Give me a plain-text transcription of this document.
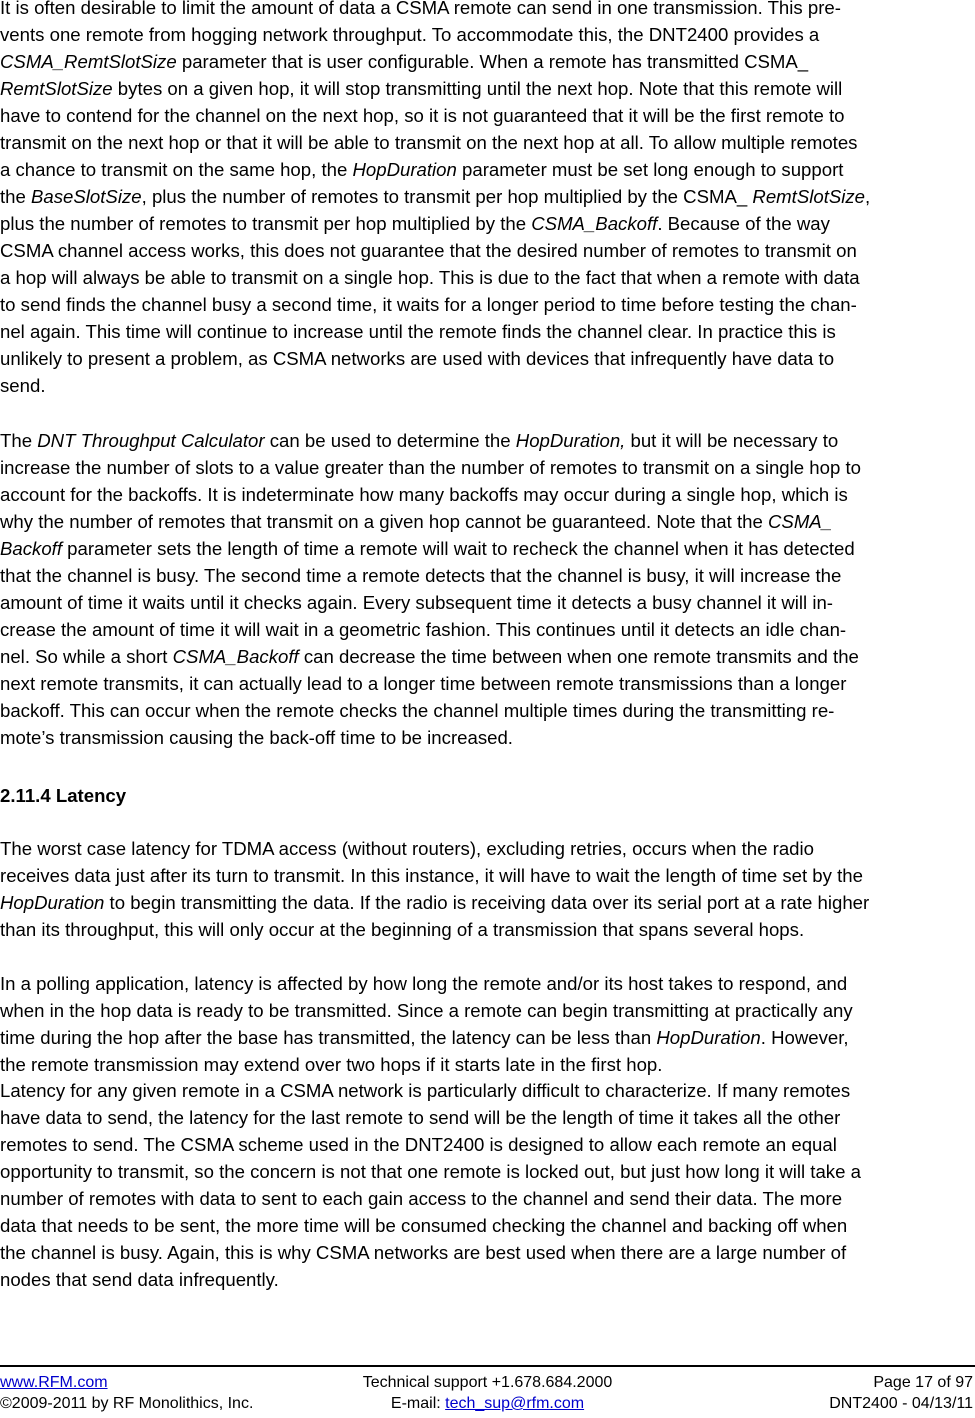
It is often desirable to limit the amount of data a CSMA remote can send in one transmission. This pre-
vents one remote from hogging network throughput. To accommodate this, the DNT2400 provides a
CSMA_RemtSlotSize parameter that is user configurable. When a remote has transmitted CSMA_
RemtSlotSize bytes on a given hop, it will stop transmitting until the next hop. Note that this remote will
have to contend for the channel on the next hop, so it is not guaranteed that it will be the first remote to
transmit on the next hop or that it will be able to transmit on the next hop at all. To allow multiple remotes
a chance to transmit on the same hop, the HopDuration parameter must be set long enough to support
the BaseSlotSize, plus the number of remotes to transmit per hop multiplied by the CSMA_ RemtSlotSize,
plus the number of remotes to transmit per hop multiplied by the CSMA_Backoff. Because of the way
CSMA channel access works, this does not guarantee that the desired number of remotes to transmit on
a hop will always be able to transmit on a single hop. This is due to the fact that when a remote with data
to send finds the channel busy a second time, it waits for a longer period to time before testing the chan-
nel again. This time will continue to increase until the remote finds the channel clear. In practice this is
unlikely to present a problem, as CSMA networks are used with devices that infrequently have data to
send.

The DNT Throughput Calculator can be used to determine the HopDuration, but it will be necessary to
increase the number of slots to a value greater than the number of remotes to transmit on a single hop to
account for the backoffs. It is indeterminate how many backoffs may occur during a single hop, which is
why the number of remotes that transmit on a given hop cannot be guaranteed. Note that the CSMA_
Backoff parameter sets the length of time a remote will wait to recheck the channel when it has detected
that the channel is busy. The second time a remote detects that the channel is busy, it will increase the
amount of time it waits until it checks again. Every subsequent time it detects a busy channel it will in-
crease the amount of time it will wait in a geometric fashion. This continues until it detects an idle chan-
nel. So while a short CSMA_Backoff can decrease the time between when one remote transmits and the
next remote transmits, it can actually lead to a longer time between remote transmissions than a longer
backoff. This can occur when the remote checks the channel multiple times during the transmitting re-
mote’s transmission causing the back-off time to be increased.

2.11.4 Latency

The worst case latency for TDMA access (without routers), excluding retries, occurs when the radio
receives data just after its turn to transmit. In this instance, it will have to wait the length of time set by the
HopDuration to begin transmitting the data. If the radio is receiving data over its serial port at a rate higher
than its throughput, this will only occur at the beginning of a transmission that spans several hops.

In a polling application, latency is affected by how long the remote and/or its host takes to respond, and
when in the hop data is ready to be transmitted. Since a remote can begin transmitting at practically any
time during the hop after the base has transmitted, the latency can be less than HopDuration. However,
the remote transmission may extend over two hops if it starts late in the first hop.

Latency for any given remote in a CSMA network is particularly difficult to characterize. If many remotes
have data to send, the latency for the last remote to send will be the length of time it takes all the other
remotes to send. The CSMA scheme used in the DNT2400 is designed to allow each remote an equal
opportunity to transmit, so the concern is not that one remote is locked out, but just how long it will take a
number of remotes with data to sent to each gain access to the channel and send their data. The more
data that needs to be sent, the more time will be consumed checking the channel and backing off when
the channel is busy. Again, this is why CSMA networks are best used when there are a large number of
nodes that send data infrequently.

www.RFM.com
©2009-2011 by RF Monolithics, Inc.
Technical support +1.678.684.2000
E-mail: tech_sup@rfm.com
Page 17 of 97
DNT2400 - 04/13/11
